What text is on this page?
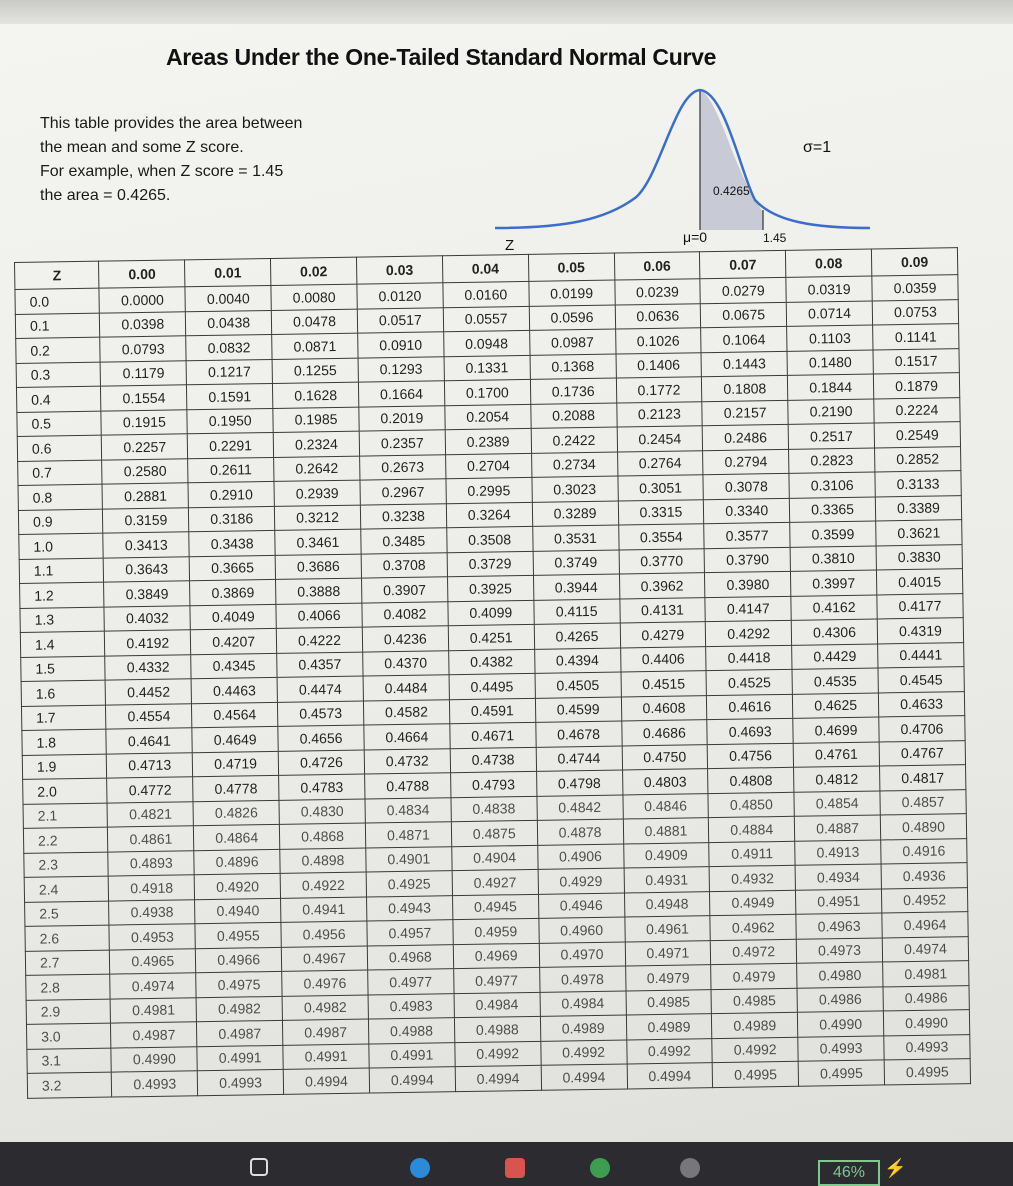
Areas Under the One-Tailed Standard Normal Curve
This table provides the area between
the mean and some Z score.
For example, when Z score = 1.45
the area = 0.4265.
σ=1
0.4265
Z	μ=0	1.45
Z	0.00	0.01	0.02	0.03	0.04	0.05	0.06	0.07	0.08	0.09
0.0	0.0000	0.0040	0.0080	0.0120	0.0160	0.0199	0.0239	0.0279	0.0319	0.0359
0.1	0.0398	0.0438	0.0478	0.0517	0.0557	0.0596	0.0636	0.0675	0.0714	0.0753
0.2	0.0793	0.0832	0.0871	0.0910	0.0948	0.0987	0.1026	0.1064	0.1103	0.1141
0.3	0.1179	0.1217	0.1255	0.1293	0.1331	0.1368	0.1406	0.1443	0.1480	0.1517
0.4	0.1554	0.1591	0.1628	0.1664	0.1700	0.1736	0.1772	0.1808	0.1844	0.1879
0.5	0.1915	0.1950	0.1985	0.2019	0.2054	0.2088	0.2123	0.2157	0.2190	0.2224
0.6	0.2257	0.2291	0.2324	0.2357	0.2389	0.2422	0.2454	0.2486	0.2517	0.2549
0.7	0.2580	0.2611	0.2642	0.2673	0.2704	0.2734	0.2764	0.2794	0.2823	0.2852
0.8	0.2881	0.2910	0.2939	0.2967	0.2995	0.3023	0.3051	0.3078	0.3106	0.3133
0.9	0.3159	0.3186	0.3212	0.3238	0.3264	0.3289	0.3315	0.3340	0.3365	0.3389
1.0	0.3413	0.3438	0.3461	0.3485	0.3508	0.3531	0.3554	0.3577	0.3599	0.3621
1.1	0.3643	0.3665	0.3686	0.3708	0.3729	0.3749	0.3770	0.3790	0.3810	0.3830
1.2	0.3849	0.3869	0.3888	0.3907	0.3925	0.3944	0.3962	0.3980	0.3997	0.4015
1.3	0.4032	0.4049	0.4066	0.4082	0.4099	0.4115	0.4131	0.4147	0.4162	0.4177
1.4	0.4192	0.4207	0.4222	0.4236	0.4251	0.4265	0.4279	0.4292	0.4306	0.4319
1.5	0.4332	0.4345	0.4357	0.4370	0.4382	0.4394	0.4406	0.4418	0.4429	0.4441
1.6	0.4452	0.4463	0.4474	0.4484	0.4495	0.4505	0.4515	0.4525	0.4535	0.4545
1.7	0.4554	0.4564	0.4573	0.4582	0.4591	0.4599	0.4608	0.4616	0.4625	0.4633
1.8	0.4641	0.4649	0.4656	0.4664	0.4671	0.4678	0.4686	0.4693	0.4699	0.4706
1.9	0.4713	0.4719	0.4726	0.4732	0.4738	0.4744	0.4750	0.4756	0.4761	0.4767
2.0	0.4772	0.4778	0.4783	0.4788	0.4793	0.4798	0.4803	0.4808	0.4812	0.4817
2.1	0.4821	0.4826	0.4830	0.4834	0.4838	0.4842	0.4846	0.4850	0.4854	0.4857
2.2	0.4861	0.4864	0.4868	0.4871	0.4875	0.4878	0.4881	0.4884	0.4887	0.4890
2.3	0.4893	0.4896	0.4898	0.4901	0.4904	0.4906	0.4909	0.4911	0.4913	0.4916
2.4	0.4918	0.4920	0.4922	0.4925	0.4927	0.4929	0.4931	0.4932	0.4934	0.4936
2.5	0.4938	0.4940	0.4941	0.4943	0.4945	0.4946	0.4948	0.4949	0.4951	0.4952
2.6	0.4953	0.4955	0.4956	0.4957	0.4959	0.4960	0.4961	0.4962	0.4963	0.4964
2.7	0.4965	0.4966	0.4967	0.4968	0.4969	0.4970	0.4971	0.4972	0.4973	0.4974
2.8	0.4974	0.4975	0.4976	0.4977	0.4977	0.4978	0.4979	0.4979	0.4980	0.4981
2.9	0.4981	0.4982	0.4982	0.4983	0.4984	0.4984	0.4985	0.4985	0.4986	0.4986
3.0	0.4987	0.4987	0.4987	0.4988	0.4988	0.4989	0.4989	0.4989	0.4990	0.4990
3.1	0.4990	0.4991	0.4991	0.4991	0.4992	0.4992	0.4992	0.4992	0.4993	0.4993
3.2	0.4993	0.4993	0.4994	0.4994	0.4994	0.4994	0.4994	0.4995	0.4995	0.4995
46%	⚡
